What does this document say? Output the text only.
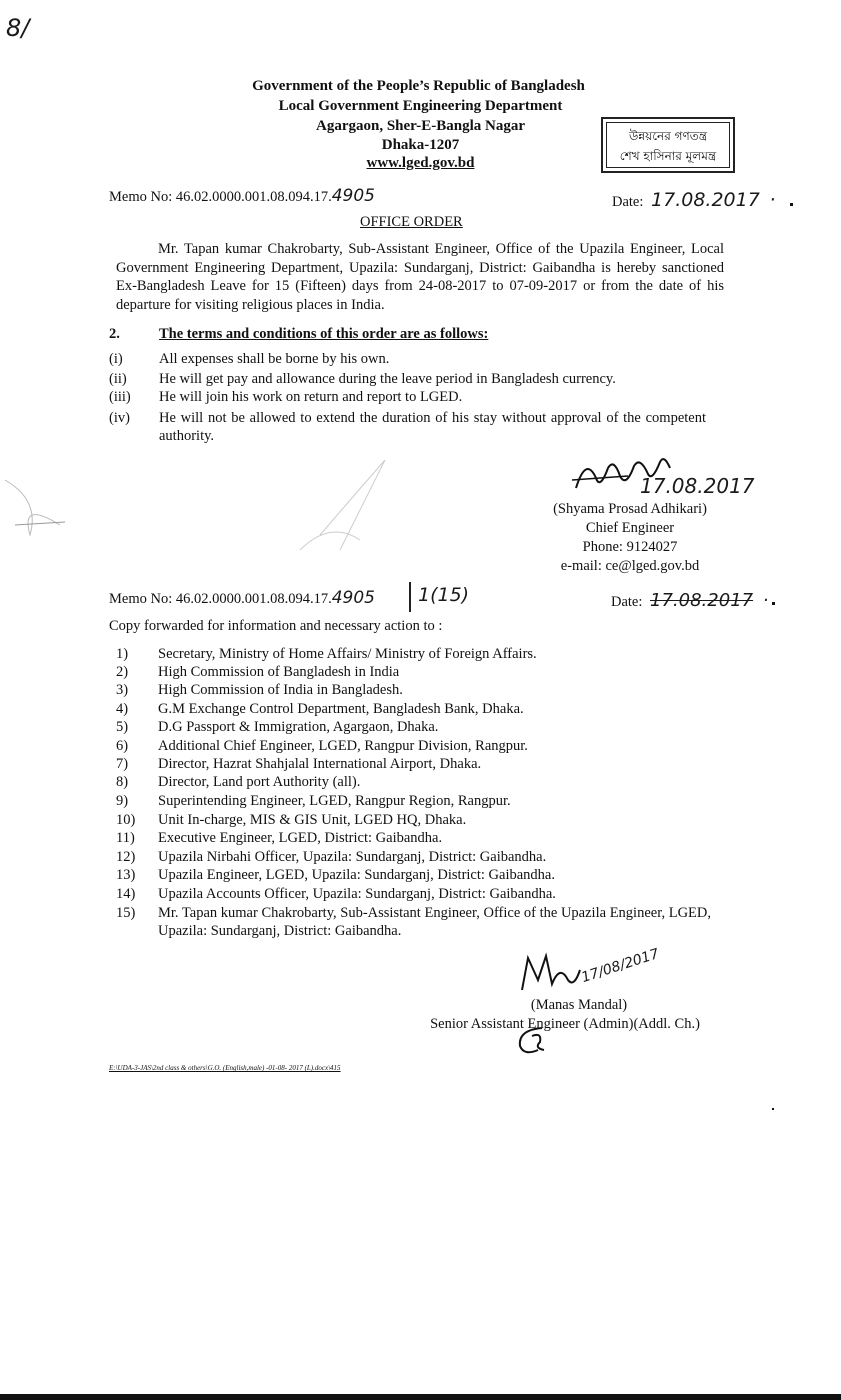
8/
Government of the People’s Republic of Bangladesh
Local Government Engineering Department
Agargaon, Sher-E-Bangla Nagar
Dhaka-1207
www.lged.gov.bd
উন্নয়নের গণতন্ত্র
শেখ হাসিনার মূলমন্ত্র
Memo No: 46.02.0000.001.08.094.17.4905	Date: 17.08.2017 ·
OFFICE ORDER
Mr. Tapan kumar Chakrobarty, Sub-Assistant Engineer, Office of the Upazila Engineer, Local Government Engineering Department, Upazila: Sundarganj, District: Gaibandha is hereby sanctioned Ex-Bangladesh Leave for 15 (Fifteen) days from 24-08-2017 to 07-09-2017 or from the date of his departure for visiting religious places in India.
2.	The terms and conditions of this order are as follows:
(i)	All expenses shall be borne by his own.
(ii)	He will get pay and allowance during the leave period in Bangladesh currency.
(iii)	He will join his work on return and report to LGED.
(iv)	He will not be allowed to extend the duration of his stay without approval of the competent authority.
17.08.2017
(Shyama Prosad Adhikari)
Chief Engineer
Phone: 9124027
e-mail: ce@lged.gov.bd
Memo No: 46.02.0000.001.08.094.17.4905 1(15)	Date: 17.08.2017 ·
Copy forwarded for information and necessary action to :
1)	Secretary, Ministry of Home Affairs/ Ministry of Foreign Affairs.
2)	High Commission of Bangladesh in India
3)	High Commission of India in Bangladesh.
4)	G.M Exchange Control Department, Bangladesh Bank, Dhaka.
5)	D.G Passport & Immigration, Agargaon, Dhaka.
6)	Additional Chief Engineer, LGED, Rangpur Division, Rangpur.
7)	Director, Hazrat Shahjalal International Airport, Dhaka.
8)	Director, Land port Authority (all).
9)	Superintending Engineer, LGED, Rangpur Region, Rangpur.
10)	Unit In-charge, MIS & GIS Unit, LGED HQ, Dhaka.
11)	Executive Engineer, LGED, District: Gaibandha.
12)	Upazila Nirbahi Officer, Upazila: Sundarganj, District: Gaibandha.
13)	Upazila Engineer, LGED, Upazila: Sundarganj, District: Gaibandha.
14)	Upazila Accounts Officer, Upazila: Sundarganj, District: Gaibandha.
15)	Mr. Tapan kumar Chakrobarty, Sub-Assistant Engineer, Office of the Upazila Engineer, LGED, Upazila: Sundarganj, District: Gaibandha.
17/08/2017
(Manas Mandal)
Senior Assistant Engineer (Admin)(Addl. Ch.)
E:\UDA-3-JAS\2nd class & others\G.O. (English,male) -01-08- 2017 (L).docx\415
